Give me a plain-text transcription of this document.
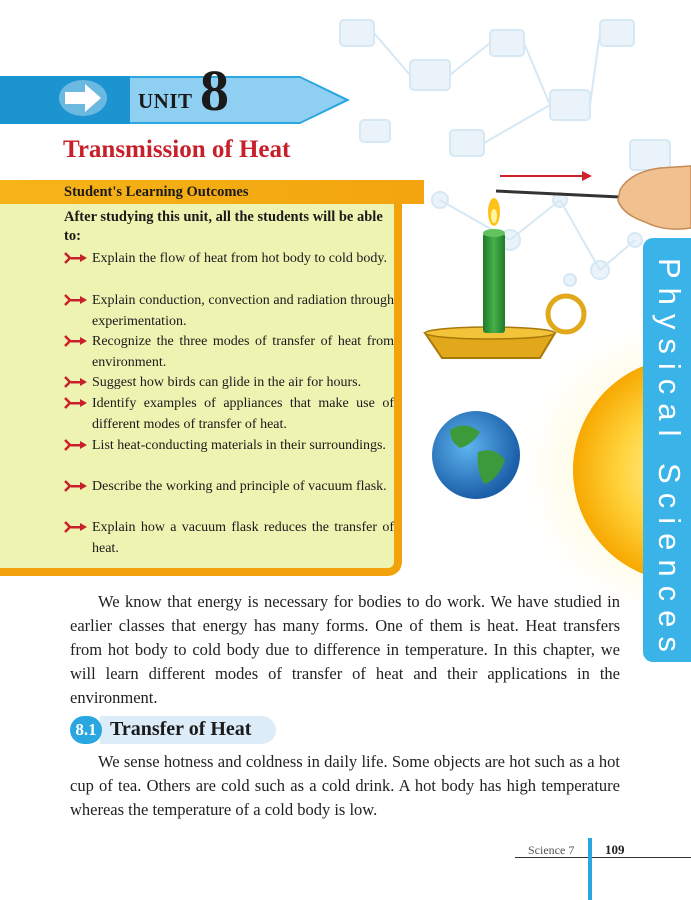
UNIT 8
Transmission of Heat
Student's Learning Outcomes
After studying this unit, all the students will be able to:
Explain the flow of heat from hot body to cold body.
Explain conduction, convection and radiation through experimentation.
Recognize the three modes of transfer of heat from environment.
Suggest how birds can glide in the air for hours.
Identify examples of appliances that make use of different modes of transfer of heat.
List heat-conducting materials in their surroundings.
Describe the working and principle of vacuum flask.
Explain how a vacuum flask reduces the transfer of heat.	Physical Sciences

We know that energy is necessary for bodies to do work. We have studied in earlier classes that energy has many forms. One of them is heat. Heat transfers from hot body to cold body due to difference in temperature. In this chapter, we will learn different modes of transfer of heat and their applications in the environment.

8.1 Transfer of Heat

We sense hotness and coldness in daily life. Some objects are hot such as a hot cup of tea. Others are cold such as a cold drink. A hot body has high temperature whereas the temperature of a cold body is low.

Science 7 109
